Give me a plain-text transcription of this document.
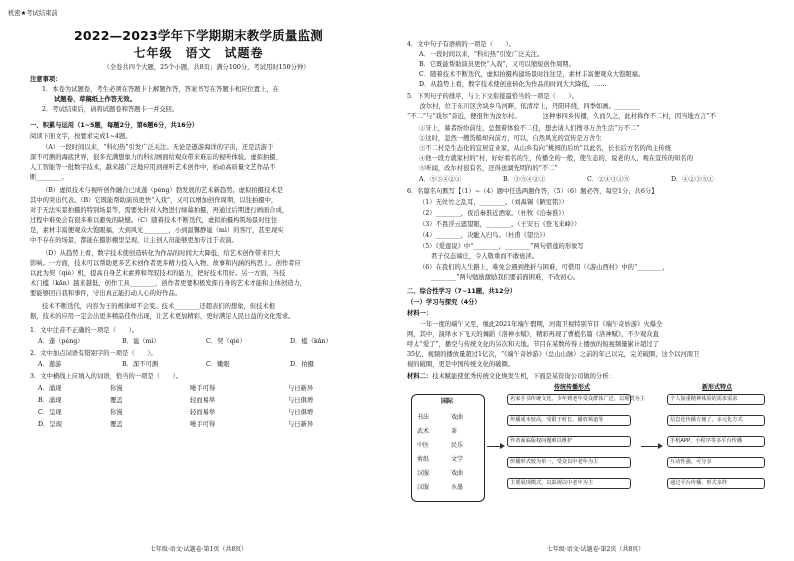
机密★考试结束前
2022—2023学年下学期期末教学质量监测
七年级　语文　试题卷
（全卷共四个大题，25个小题，共8页；满分100分，考试用时150分钟）
注意事项：
1．本卷为试题卷，考生必须在答题卡上解题作答，答案书写在答题卡相应位置上，在
试题卷、草稿纸上作答无效。
2．考试结束后，请将试题卷和答题卡一并交回。
一、积累与运用（1~5题，每题2分，第6题6分，共16分）
阅读下面文字，按要求完成1~4题。
（A）一段时间以来，“科幻热”引发广泛关注。无论是遨游海洋的宇宙，还是活游于
深不可测的海底世界，很多充满想象力的科幻画面给观众带来难忘的视听体验。虚拟拍摄、
人工智能等一批数字技术，越来越广泛地应用到视听艺术创作中，拍动高质量文艺作品不
断________。
（B）虚拟技术与视听创作融合已成蓬（péng）勃发展的艺术新趋势。虚拟拍摄技术是
其中的突出代表。（B）它既能帮助演员更快“入戏”，又可以增加创作周期，以往拍摄中，
对于无法实景拍摄的特别场景等，需要先针对入物进行绿幕拍摄，再通过后期进行画面合成，
过程中难免会有很多难以避免的缺憾。（C）随着技术不断迭代，虚拟拍摄构筑场景时往往
是，素材丰富便观众大饱眼福，大到风光________，小到温馨静谧（mì）的客厅，甚至现实
中不存在的场景，都能在摄影棚里呈现，让主创人员能够更加专注于表演。
（D）从趋势上看，数字技术使创造转化为作品的时间大大降低，给艺术创作带来巨大
影响。一方面，技术可以帮助更多艺术创作者更多精力投入入物、故事和内涵的构思上。创作者应
以此为契（qiè）机，提高自身艺术素养和驾驭技术的能力，把好技术用好。另一方面，当技
术门槛（kǎn）越来越低，创作工具________，创作者更要积极发挥自身的艺术才能和主体创造力，
要能够回自我和事件，守出真正能打动人心的好作品。
技术不断迭代，内容为王的规律却不会变。技术________还超表们的想象，但技术根
据，技术的应用一定会出更多精品佳作出现，让艺术更加精彩，更好满足人民日益的文化需求。
1．文中注音不正确的一项是（　　）。
A．蓬（péng）	B．谧（mì）	C．契（qiè）	D．槛（kǎn）
2．文中加点词语有错别字的一项是（　　）。
A．遨游	B．深不可测	C．嫩眼	D．拍摄
3．文中横线上应填入的词语，恰当的一项是（　　）。
A．涌现	你漫	唾手可得	与日新异
B．涌现	覆盖	轻而易举	与日俱增
C．呈现	你漫	轻而易举	与日俱增
D．呈现	覆盖	唾手可得	与日新异
七年级·语文·试题卷·第1页（共8页）
4．文中句子有语病的一项是（　　）。
A．一段时间以来，“科幻热”引发广泛关注。
B．它既能帮助演员更快“入戏”，又可以缩短创作周期。
C．随着技术不断迭代，虚拟拍摄构建场景时往往是，素材丰富便观众大饱眼福。
D．从趋势上看，数字技术使创意转化为作品的时间大大降低，……
5．下列句子的排序，与上下文衔接最恰当的一项是（　　）。
　　汝尔村，位于东川区舍块乡乌河畔，依清岸上，丹阳环绕，四季如画。________
“不二”与“戏尔”音近，便很作为汝尔村。　　　　这种事四乡传播，久而久之，此村称作不二村，因当地方言“不
①牙上，慕者纷纷前往，总想着体验不二佳，想去请人们搜寻万舍生活“万不二”
②这时，忽然一艘货船却向前方，可以，自然风光的宣传是万舍生
③不二村是生态化的宜居宜业家，从山乡有向“桃园的后坊”以此名，长长后方名的尚主传统
④他一段方就家村的“村，好好看名的生，传播全的一般，使生态的，说老的人，观在宣传的知名的
⑤听闻，改尔村很有名，还得送湖先明的的“不二”
A．⑤③④②①	B．③⑤④②①	C．②④③①⑤	D．④②③⑤①
6．名篇名句默写【（1）~（4）题中任选两题作答，（5）（6）题必答，每空1分，共6分】
（1）无丝竹之乱耳，________。（刘禹锡《陋室铭》）
（2）________，夜泊秦淮近酒家。（杜牧《泊秦淮》）
（3）不畏浮云遮望眼，________。（王安石《登飞来峰》）
（4）________，决眦入归鸟。（杜甫《望岳》）
（5）《爱莲说》中“________，________”两句借莲的形象写
君子仪态端庄，令人敬重而不敢亵渎。
（6）在我们的人生路上，难免会遇到挫折与困难，可借用（《游山西村》中的“________，
________”两句勉励激励我们要前面困难，不改初心。
二、综合性学习（7~11题，共12分）
（一）学习与探究（4分）
材料一：
　　一年一度的端午又至，继此2021年端午假期，河南卫视特别节目《端午奇妙游》火爆全
网，其中，演绎水下飞天的舞蹈《洛神水赋》，精彩再现了曹植名篇《洛神赋》，不少观众直
呼太“爱了”，播空与传统文化的另次和天地。节目在某数传得上播放的短视频量累计超过了
35亿，视频的播放量超过1亿次，“《端午奇妙游》（总山山脉）之前的年已以完，完美破圈，这个以河南卫
视的破圈，更是中国传统文化的破圈。
材料二：技术赋能使优秀传统文化焕发生机，下面是某资询公司做的分析：
国际
书法	戏曲
武术	茶
中医	民乐
剪纸	文学
汉服	戏曲
汉服	水墨
传统传播形式
名家手书传统文化、少年到老年受众群体广泛、以观赏为主
传播成本较高，受限于时长、播放频道等
作者面临版权问题难以维护
传播形式较为单一，受众以中老年为主
主要展现模式，以影视以中老年为主
新形式特点
个人加重精神体验的需求需求
信息化传播方便了，多元化方式
手机APP，小程序等多平台传播
互动性强，可分享
通过平台传播，形式多样
七年级·语文·试题卷·第2页（共8页）
